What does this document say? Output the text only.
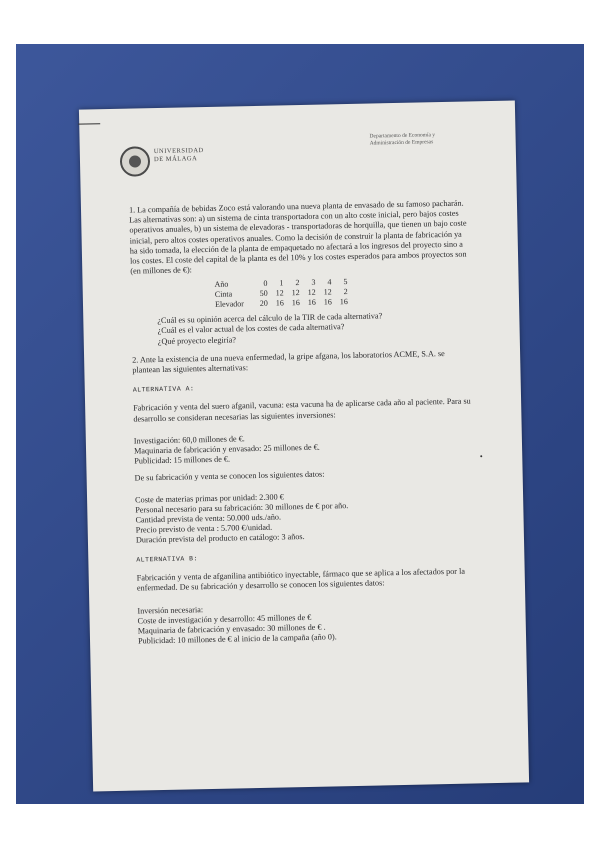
UNIVERSIDAD
DE MÁLAGA
Departamento de Economía y
Administración de Empresas

1. La compañía de bebidas Zoco está valorando una nueva planta de envasado de su famoso pacharán. Las alternativas son: a) un sistema de cinta transportadora con un alto coste inicial, pero bajos costes operativos anuales, b) un sistema de elevadoras - transportadoras de horquilla, que tienen un bajo coste inicial, pero altos costes operativos anuales. Como la decisión de construir la planta de fabricación ya ha sido tomada, la elección de la planta de empaquetado no afectará a los ingresos del proyecto sino a los costes. El coste del capital de la planta es del 10% y los costes esperados para ambos proyectos son (en millones de €):

Año	0	1	2	3	4	5
Cinta	50	12	12	12	12	2
Elevador	20	16	16	16	16	16
¿Cuál es su opinión acerca del cálculo de la TIR de cada alternativa?
¿Cuál es el valor actual de los costes de cada alternativa?
¿Qué proyecto elegiría?

2. Ante la existencia de una nueva enfermedad, la gripe afgana, los laboratorios ACME, S.A. se plantean las siguientes alternativas:

ALTERNATIVA A:

Fabricación y venta del suero afganil, vacuna: esta vacuna ha de aplicarse cada año al paciente. Para su desarrollo se consideran necesarias las siguientes inversiones:

Investigación: 60,0 millones de €.
Maquinaria de fabricación y envasado: 25 millones de €.
Publicidad: 15 millones de €.

De su fabricación y venta se conocen los siguientes datos:

Coste de materias primas por unidad: 2.300 €
Personal necesario para su fabricación: 30 millones de € por año.
Cantidad prevista de venta: 50.000 uds./año.
Precio previsto de venta : 5.700 €/unidad.
Duración prevista del producto en catálogo: 3 años.
ALTERNATIVA B:

Fabricación y venta de afganilina antibiótico inyectable, fármaco que se aplica a los afectados por la enfermedad. De su fabricación y desarrollo se conocen los siguientes datos:

Inversión necesaria:
Coste de investigación y desarrollo: 45 millones de €
Maquinaria de fabricación y envasado: 30 millones de € .
Publicidad: 10 millones de € al inicio de la campaña (año 0).
